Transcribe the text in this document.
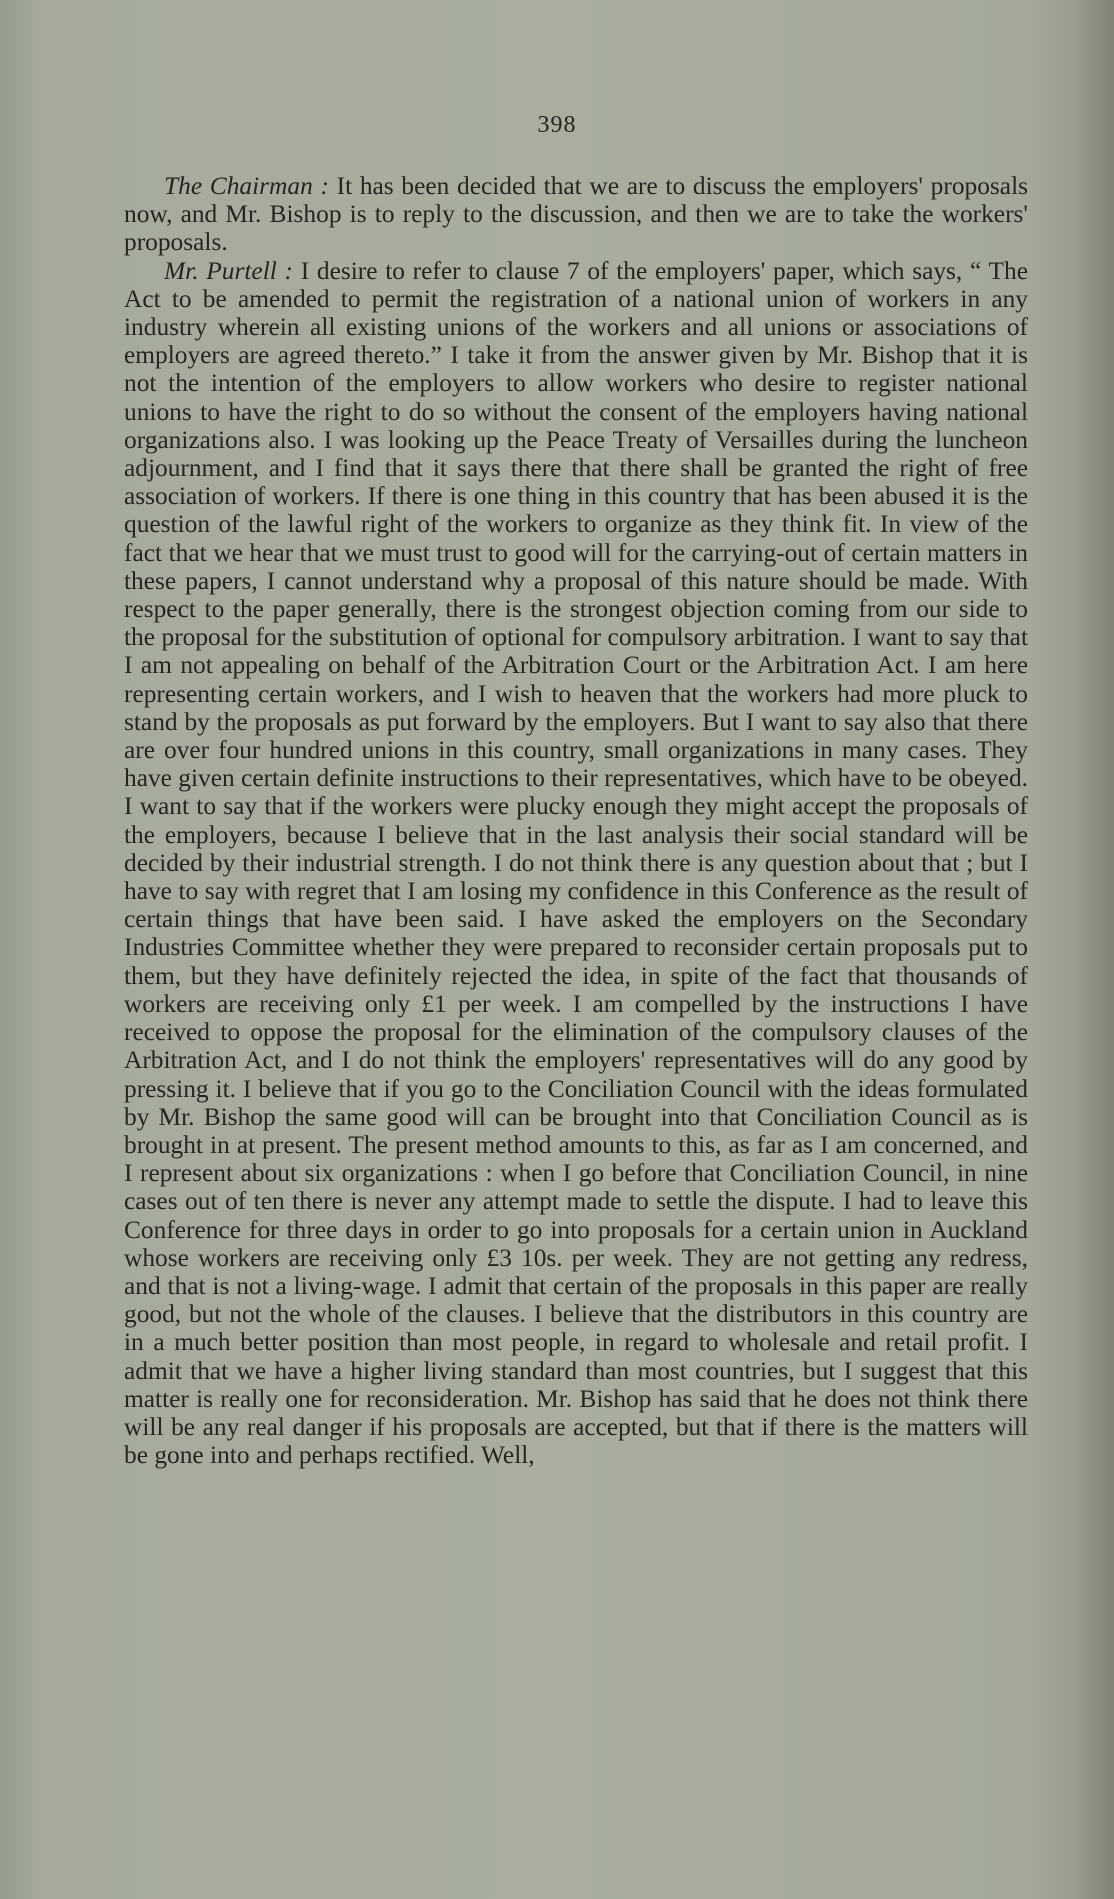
398

The Chairman : It has been decided that we are to discuss the employers' proposals now, and Mr. Bishop is to reply to the discussion, and then we are to take the workers' proposals.

Mr. Purtell : I desire to refer to clause 7 of the employers' paper, which says, “ The Act to be amended to permit the registration of a national union of workers in any industry wherein all existing unions of the workers and all unions or associations of employers are agreed thereto.” I take it from the answer given by Mr. Bishop that it is not the intention of the employers to allow workers who desire to register national unions to have the right to do so without the consent of the employers having national organizations also. I was looking up the Peace Treaty of Versailles during the luncheon adjournment, and I find that it says there that there shall be granted the right of free association of workers. If there is one thing in this country that has been abused it is the question of the lawful right of the workers to organize as they think fit. In view of the fact that we hear that we must trust to good will for the carrying-out of certain matters in these papers, I cannot understand why a proposal of this nature should be made. With respect to the paper generally, there is the strongest objection coming from our side to the proposal for the substitution of optional for compulsory arbitration. I want to say that I am not appealing on behalf of the Arbitration Court or the Arbitration Act. I am here representing certain workers, and I wish to heaven that the workers had more pluck to stand by the proposals as put forward by the employers. But I want to say also that there are over four hundred unions in this country, small organizations in many cases. They have given certain definite instructions to their representatives, which have to be obeyed. I want to say that if the workers were plucky enough they might accept the proposals of the employers, because I believe that in the last analysis their social standard will be decided by their industrial strength. I do not think there is any question about that ; but I have to say with regret that I am losing my confidence in this Conference as the result of certain things that have been said. I have asked the employers on the Secondary Industries Committee whether they were prepared to reconsider certain proposals put to them, but they have definitely rejected the idea, in spite of the fact that thousands of workers are receiving only £1 per week. I am compelled by the instructions I have received to oppose the proposal for the elimination of the compulsory clauses of the Arbitration Act, and I do not think the employers' representatives will do any good by pressing it. I believe that if you go to the Conciliation Council with the ideas formulated by Mr. Bishop the same good will can be brought into that Conciliation Council as is brought in at present. The present method amounts to this, as far as I am concerned, and I represent about six organizations : when I go before that Conciliation Council, in nine cases out of ten there is never any attempt made to settle the dispute. I had to leave this Conference for three days in order to go into proposals for a certain union in Auckland whose workers are receiving only £3 10s. per week. They are not getting any redress, and that is not a living-wage. I admit that certain of the proposals in this paper are really good, but not the whole of the clauses. I believe that the distributors in this country are in a much better position than most people, in regard to wholesale and retail profit. I admit that we have a higher living standard than most countries, but I suggest that this matter is really one for reconsideration. Mr. Bishop has said that he does not think there will be any real danger if his proposals are accepted, but that if there is the matters will be gone into and perhaps rectified. Well,
